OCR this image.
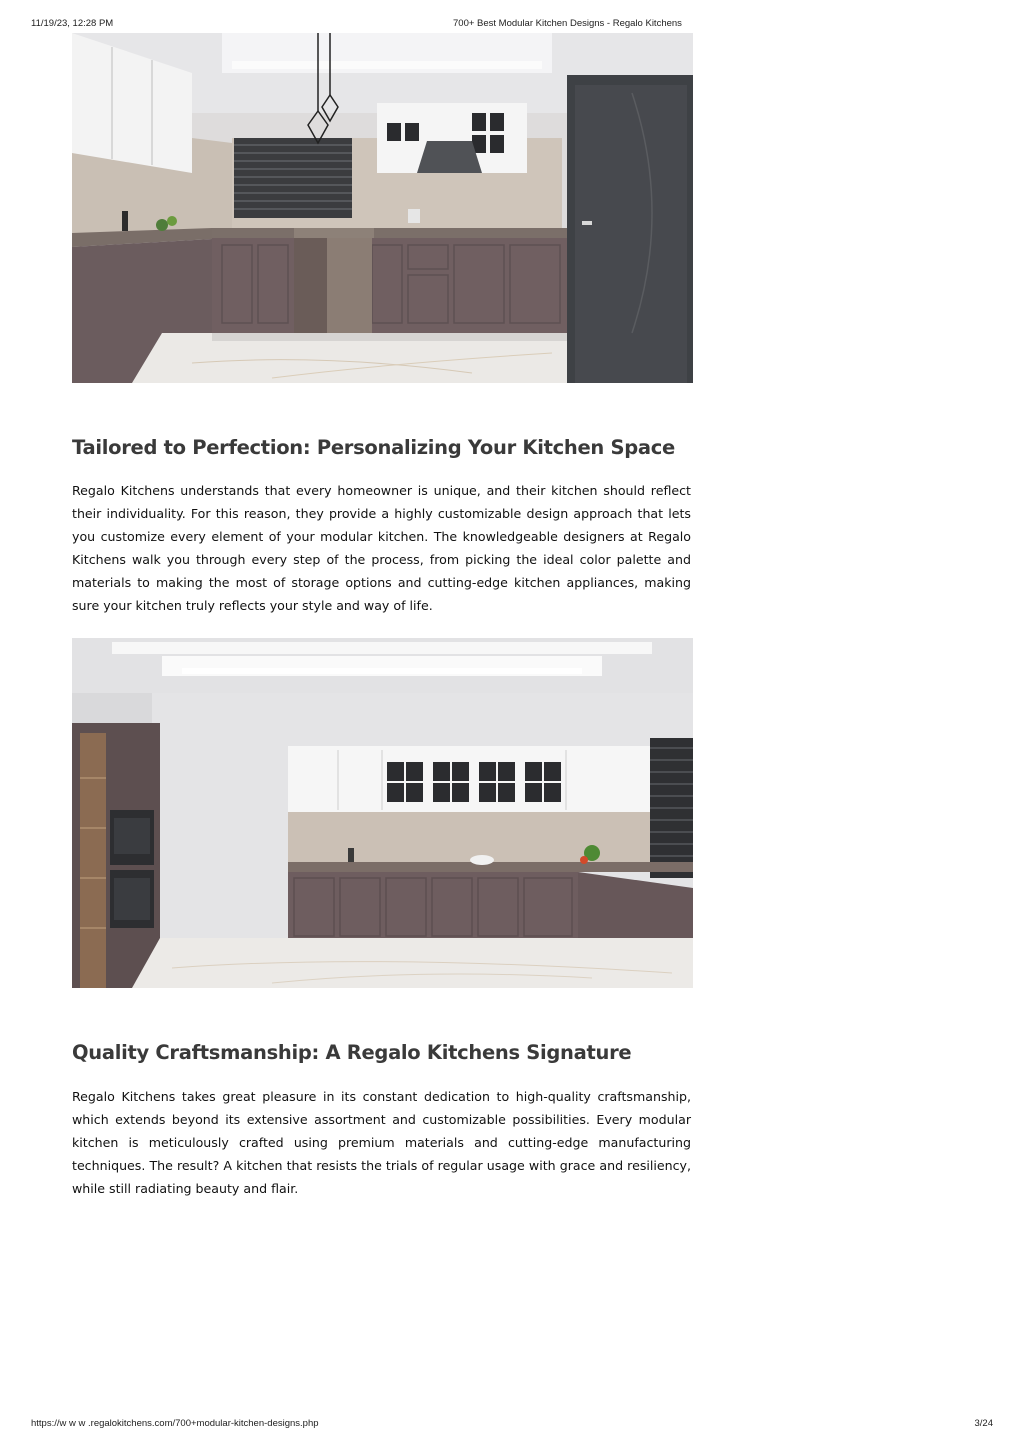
11/19/23, 12:28 PM	700+ Best Modular Kitchen Designs - Regalo Kitchens
Tailored to Perfection: Personalizing Your Kitchen Space

Regalo Kitchens understands that every homeowner is unique, and their kitchen should reflect their individuality. For this reason, they provide a highly customizable design approach that lets you customize every element of your modular kitchen. The knowledgeable designers at Regalo Kitchens walk you through every step of the process, from picking the ideal color palette and materials to making the most of storage options and cutting-edge kitchen appliances, making sure your kitchen truly reflects your style and way of life.

Quality Craftsmanship: A Regalo Kitchens Signature

Regalo Kitchens takes great pleasure in its constant dedication to high-quality craftsmanship, which extends beyond its extensive assortment and customizable possibilities. Every modular kitchen is meticulously crafted using premium materials and cutting-edge manufacturing techniques. The result? A kitchen that resists the trials of regular usage with grace and resiliency, while still radiating beauty and flair.

https://w w w .regalokitchens.com/700+modular-kitchen-designs.php	3/24
